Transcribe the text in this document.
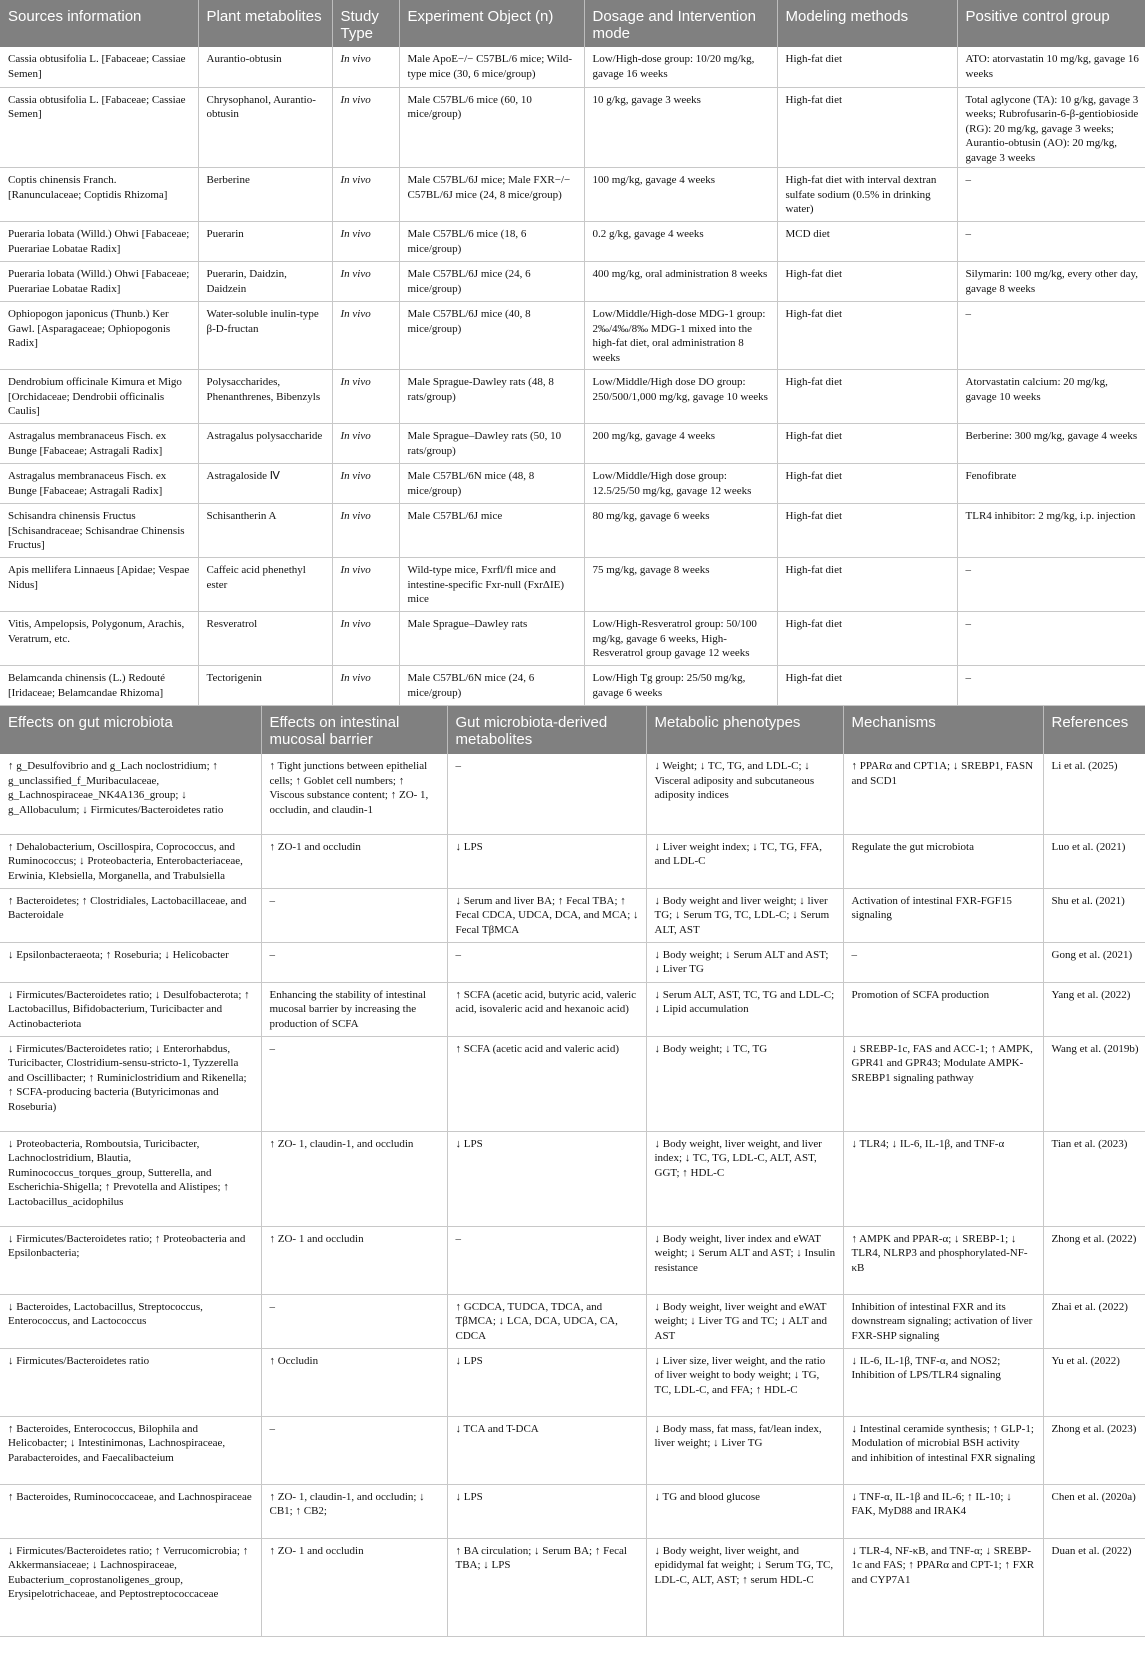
Sources information	Plant metabolites	Study Type	Experiment Object (n)	Dosage and Intervention mode	Modeling methods	Positive control group
Cassia obtusifolia L. [Fabaceae; Cassiae Semen]	Aurantio-obtusin	In vivo	Male ApoE−/− C57BL/6 mice; Wild-type mice (30, 6 mice/group)	Low/High-dose group: 10/20 mg/kg, gavage 16 weeks	High-fat diet	ATO: atorvastatin 10 mg/kg, gavage 16 weeks
Cassia obtusifolia L. [Fabaceae; Cassiae Semen]	Chrysophanol, Aurantio-obtusin	In vivo	Male C57BL/6 mice (60, 10 mice/group)	10 g/kg, gavage 3 weeks	High-fat diet	Total aglycone (TA): 10 g/kg, gavage 3 weeks; Rubrofusarin-6-β-gentiobioside (RG): 20 mg/kg, gavage 3 weeks; Aurantio-obtusin (AO): 20 mg/kg, gavage 3 weeks
Coptis chinensis Franch. [Ranunculaceae; Coptidis Rhizoma]	Berberine	In vivo	Male C57BL/6J mice; Male FXR−/− C57BL/6J mice (24, 8 mice/group)	100 mg/kg, gavage 4 weeks	High-fat diet with interval dextran sulfate sodium (0.5% in drinking water)	–
Pueraria lobata (Willd.) Ohwi [Fabaceae; Puerariae Lobatae Radix]	Puerarin	In vivo	Male C57BL/6 mice (18, 6 mice/group)	0.2 g/kg, gavage 4 weeks	MCD diet	–
Pueraria lobata (Willd.) Ohwi [Fabaceae; Puerariae Lobatae Radix]	Puerarin, Daidzin, Daidzein	In vivo	Male C57BL/6J mice (24, 6 mice/group)	400 mg/kg, oral administration 8 weeks	High-fat diet	Silymarin: 100 mg/kg, every other day, gavage 8 weeks
Ophiopogon japonicus (Thunb.) Ker Gawl. [Asparagaceae; Ophiopogonis Radix]	Water-soluble inulin-type β-D-fructan	In vivo	Male C57BL/6J mice (40, 8 mice/group)	Low/Middle/High-dose MDG-1 group: 2‰/4‰/8‰ MDG-1 mixed into the high-fat diet, oral administration 8 weeks	High-fat diet	–
Dendrobium officinale Kimura et Migo [Orchidaceae; Dendrobii officinalis Caulis]	Polysaccharides, Phenanthrenes, Bibenzyls	In vivo	Male Sprague-Dawley rats (48, 8 rats/group)	Low/Middle/High dose DO group: 250/500/1,000 mg/kg, gavage 10 weeks	High-fat diet	Atorvastatin calcium: 20 mg/kg, gavage 10 weeks
Astragalus membranaceus Fisch. ex Bunge [Fabaceae; Astragali Radix]	Astragalus polysaccharide	In vivo	Male Sprague–Dawley rats (50, 10 rats/group)	200 mg/kg, gavage 4 weeks	High-fat diet	Berberine: 300 mg/kg, gavage 4 weeks
Astragalus membranaceus Fisch. ex Bunge [Fabaceae; Astragali Radix]	Astragaloside Ⅳ	In vivo	Male C57BL/6N mice (48, 8 mice/group)	Low/Middle/High dose group: 12.5/25/50 mg/kg, gavage 12 weeks	High-fat diet	Fenofibrate
Schisandra chinensis Fructus [Schisandraceae; Schisandrae Chinensis Fructus]	Schisantherin A	In vivo	Male C57BL/6J mice	80 mg/kg, gavage 6 weeks	High-fat diet	TLR4 inhibitor: 2 mg/kg, i.p. injection
Apis mellifera Linnaeus [Apidae; Vespae Nidus]	Caffeic acid phenethyl ester	In vivo	Wild-type mice, Fxrfl/fl mice and intestine-specific Fxr-null (FxrΔIE) mice	75 mg/kg, gavage 8 weeks	High-fat diet	–
Vitis, Ampelopsis, Polygonum, Arachis, Veratrum, etc.	Resveratrol	In vivo	Male Sprague–Dawley rats	Low/High-Resveratrol group: 50/100 mg/kg, gavage 6 weeks, High-Resveratrol group gavage 12 weeks	High-fat diet	–
Belamcanda chinensis (L.) Redouté [Iridaceae; Belamcandae Rhizoma]	Tectorigenin	In vivo	Male C57BL/6N mice (24, 6 mice/group)	Low/High Tg group: 25/50 mg/kg, gavage 6 weeks	High-fat diet	–
Effects on gut microbiota	Effects on intestinal mucosal barrier	Gut microbiota-derived metabolites	Metabolic phenotypes	Mechanisms	References
↑ g_Desulfovibrio and g_Lach nocl​ostridium; ↑ g_unclassified_f_Muribaculaceae, g_Lachnospiraceae_NK4A136_group; ↓ g_Allobaculum; ↓ Firmicutes/Bacteroidetes ratio	↑ Tight junctions between epithelial cells; ↑ Goblet cell numbers; ↑ Viscous substance content; ↑ ZO- 1, occludin, and claudin-1	–	↓ Weight; ↓ TC, TG, and LDL-C; ↓ Visceral adiposity and subcutaneous adiposity indices	↑ PPARα and CPT1A; ↓ SREBP1, FASN and SCD1	Li et al. (2025)
↑ Dehalobacterium, Oscillospira, Coprococcus, and Ruminococcus; ↓ Proteobacteria, Enterobacteriaceae, Erwinia, Klebsiella, Morganella, and Trabulsiella	↑ ZO-1 and occludin	↓ LPS	↓ Liver weight index; ↓ TC, TG, FFA, and LDL-C	Regulate the gut microbiota	Luo et al. (2021)
↑ Bacteroidetes; ↑ Clostridiales, Lactobacillaceae, and Bacteroidale	–	↓ Serum and liver BA; ↑ Fecal TBA; ↑ Fecal CDCA, UDCA, DCA, and MCA; ↓ Fecal TβMCA	↓ Body weight and liver weight; ↓ liver TG; ↓ Serum TG, TC, LDL-C; ↓ Serum ALT, AST	Activation of intestinal FXR-FGF15 signaling	Shu et al. (2021)
↓ Epsilonbacteraeota; ↑ Roseburia; ↓ Helicobacter	–	–	↓ Body weight; ↓ Serum ALT and AST; ↓ Liver TG	–	Gong et al. (2021)
↓ Firmicutes/Bacteroidetes ratio; ↓ Desulfobacterota; ↑ Lactobacillus, Bifidobacterium, Turicibacter and Actinobacteriota	Enhancing the stability of intestinal mucosal barrier by increasing the production of SCFA	↑ SCFA (acetic acid, butyric acid, valeric acid, isovaleric acid and hexanoic acid)	↓ Serum ALT, AST, TC, TG and LDL-C; ↓ Lipid accumulation	Promotion of SCFA production	Yang et al. (2022)
↓ Firmicutes/Bacteroidetes ratio; ↓ Enterorhabdus, Turicibacter, Clostridium-sensu-stricto-1, Tyzzerella and Oscillibacter; ↑ Ruminiclostridium and Rikenella; ↑ SCFA-producing bacteria (Butyricimonas and Roseburia)	–	↑ SCFA (acetic acid and valeric acid)	↓ Body weight; ↓ TC, TG	↓ SREBP-1c, FAS and ACC-1; ↑ AMPK, GPR41 and GPR43; Modulate AMPK-SREBP1 signaling pathway	Wang et al. (2019b)
↓ Proteobacteria, Romboutsia, Turicibacter, Lachnoclostridium, Blautia, Ruminococcus_torques_group, Sutterella, and Escherichia-Shigella; ↑ Prevotella and Alistipes; ↑ Lactobacillus_acidophilus	↑ ZO- 1, claudin-1, and occludin	↓ LPS	↓ Body weight, liver weight, and liver index; ↓ TC, TG, LDL-C, ALT, AST, GGT; ↑ HDL-C	↓ TLR4; ↓ IL-6, IL-1β, and TNF-α	Tian et al. (2023)
↓ Firmicutes/Bacteroidetes ratio; ↑ Proteobacteria and Epsilonbacteria;	↑ ZO- 1 and occludin	–	↓ Body weight, liver index and eWAT weight; ↓ Serum ALT and AST; ↓ Insulin resistance	↑ AMPK and PPAR-α; ↓ SREBP-1; ↓ TLR4, NLRP3 and phosphorylated-NF-κB	Zhong et al. (2022)
↓ Bacteroides, Lactobacillus, Streptococcus, Enterococcus, and Lactococcus	–	↑ GCDCA, TUDCA, TDCA, and TβMCA; ↓ LCA, DCA, UDCA, CA, CDCA	↓ Body weight, liver weight and eWAT weight; ↓ Liver TG and TC; ↓ ALT and AST	Inhibition of intestinal FXR and its downstream signaling; activation of liver FXR-SHP signaling	Zhai et al. (2022)
↓ Firmicutes/Bacteroidetes ratio	↑ Occludin	↓ LPS	↓ Liver size, liver weight, and the ratio of liver weight to body weight; ↓ TG, TC, LDL-C, and FFA; ↑ HDL-C	↓ IL-6, IL-1β, TNF-α, and NOS2; Inhibition of LPS/TLR4 signaling	Yu et al. (2022)
↑ Bacteroides, Enterococcus, Bilophila and Helicobacter; ↓ Intestinimonas, Lachnospiraceae, Parabacteroides, and Faecalibacteium	–	↓ TCA and T-DCA	↓ Body mass, fat mass, fat/lean index, liver weight; ↓ Liver TG	↓ Intestinal ceramide synthesis; ↑ GLP-1; Modulation of microbial BSH activity and inhibition of intestinal FXR signaling	Zhong et al. (2023)
↑ Bacteroides, Ruminococcaceae, and Lachnospiraceae	↑ ZO- 1, claudin-1, and occludin; ↓ CB1; ↑ CB2;	↓ LPS	↓ TG and blood glucose	↓ TNF-α, IL-1β and IL-6; ↑ IL-10; ↓ FAK, MyD88 and IRAK4	Chen et al. (2020a)
↓ Firmicutes/Bacteroidetes ratio; ↑ Verrucomicrobia; ↑ Akkermansiaceae; ↓ Lachnospiraceae, Eubacterium_coprostanoligenes_group, Erysipelotrichaceae, and Peptostreptococcaceae	↑ ZO- 1 and occludin	↑ BA circulation; ↓ Serum BA; ↑ Fecal TBA; ↓ LPS	↓ Body weight, liver weight, and epididymal fat weight; ↓ Serum TG, TC, LDL-C, ALT, AST; ↑ serum HDL-C	↓ TLR-4, NF-κB, and TNF-α; ↓ SREBP-1c and FAS; ↑ PPARα and CPT-1; ↑ FXR and CYP7A1	Duan et al. (2022)
